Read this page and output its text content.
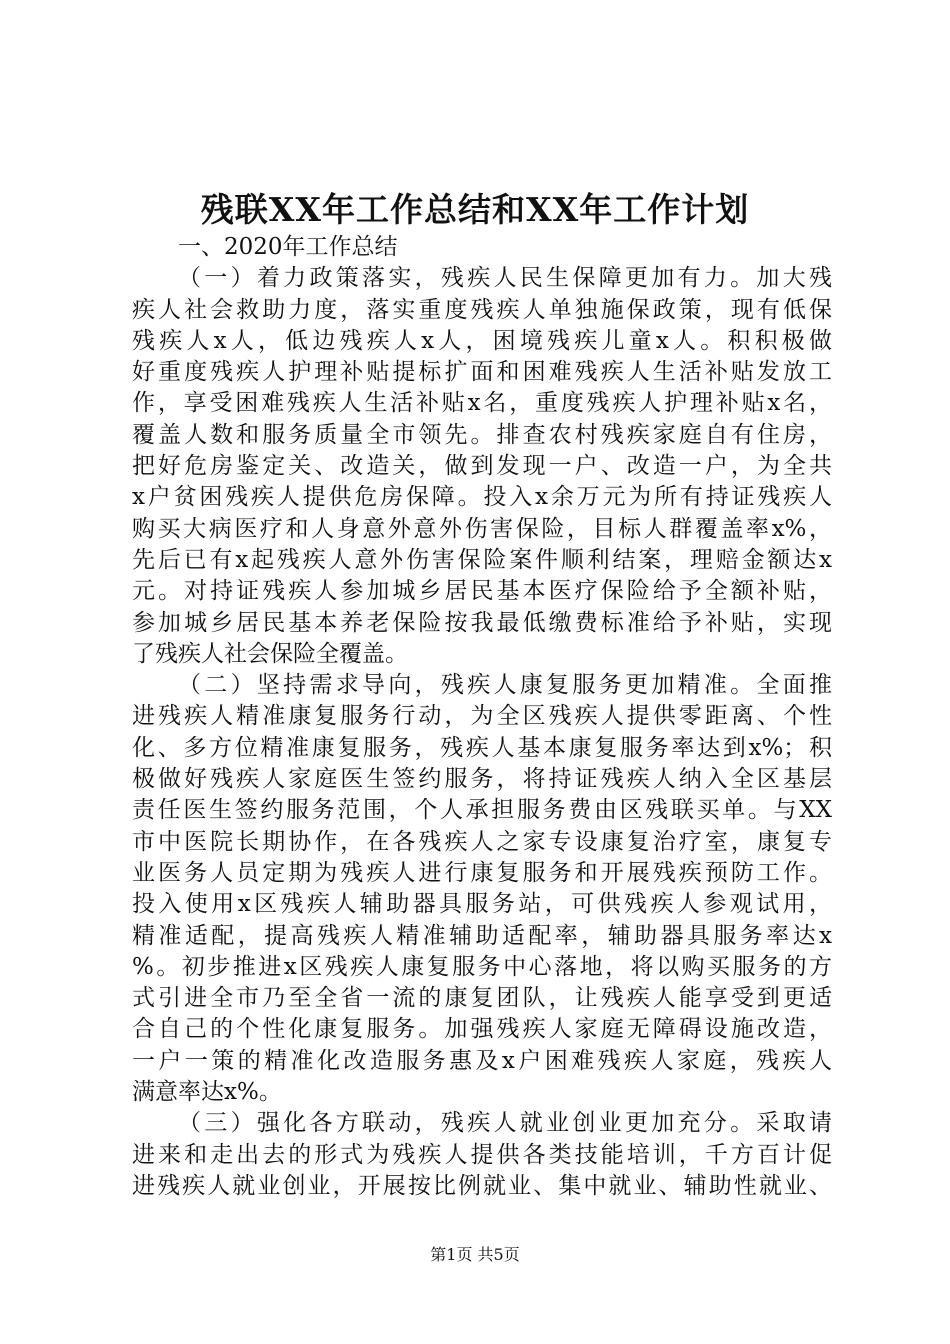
残联XX年工作总结和XX年工作计划
一、2020年工作总结
（一）着力政策落实，残疾人民生保障更加有力。加大残
疾人社会救助力度，落实重度残疾人单独施保政策，现有低保
残疾人x人，低边残疾人x人，困境残疾儿童x人。积积极做
好重度残疾人护理补贴提标扩面和困难残疾人生活补贴发放工
作，享受困难残疾人生活补贴x名，重度残疾人护理补贴x名，
覆盖人数和服务质量全市领先。排查农村残疾家庭自有住房，
把好危房鉴定关、改造关，做到发现一户、改造一户，为全共
x户贫困残疾人提供危房保障。投入x余万元为所有持证残疾人
购买大病医疗和人身意外意外伤害保险，目标人群覆盖率x%，
先后已有x起残疾人意外伤害保险案件顺利结案，理赔金额达x
元。对持证残疾人参加城乡居民基本医疗保险给予全额补贴，
参加城乡居民基本养老保险按我最低缴费标准给予补贴，实现
了残疾人社会保险全覆盖。
（二）坚持需求导向，残疾人康复服务更加精准。全面推
进残疾人精准康复服务行动，为全区残疾人提供零距离、个性
化、多方位精准康复服务，残疾人基本康复服务率达到x%；积
极做好残疾人家庭医生签约服务，将持证残疾人纳入全区基层
责任医生签约服务范围，个人承担服务费由区残联买单。与XX
市中医院长期协作，在各残疾人之家专设康复治疗室，康复专
业医务人员定期为残疾人进行康复服务和开展残疾预防工作。
投入使用x区残疾人辅助器具服务站，可供残疾人参观试用，
精准适配，提高残疾人精准辅助适配率，辅助器具服务率达x
%。初步推进x区残疾人康复服务中心落地，将以购买服务的方
式引进全市乃至全省一流的康复团队，让残疾人能享受到更适
合自己的个性化康复服务。加强残疾人家庭无障碍设施改造，
一户一策的精准化改造服务惠及x户困难残疾人家庭，残疾人
满意率达x%。
（三）强化各方联动，残疾人就业创业更加充分。采取请
进来和走出去的形式为残疾人提供各类技能培训，千方百计促
进残疾人就业创业，开展按比例就业、集中就业、辅助性就业、
第1页 共5页
